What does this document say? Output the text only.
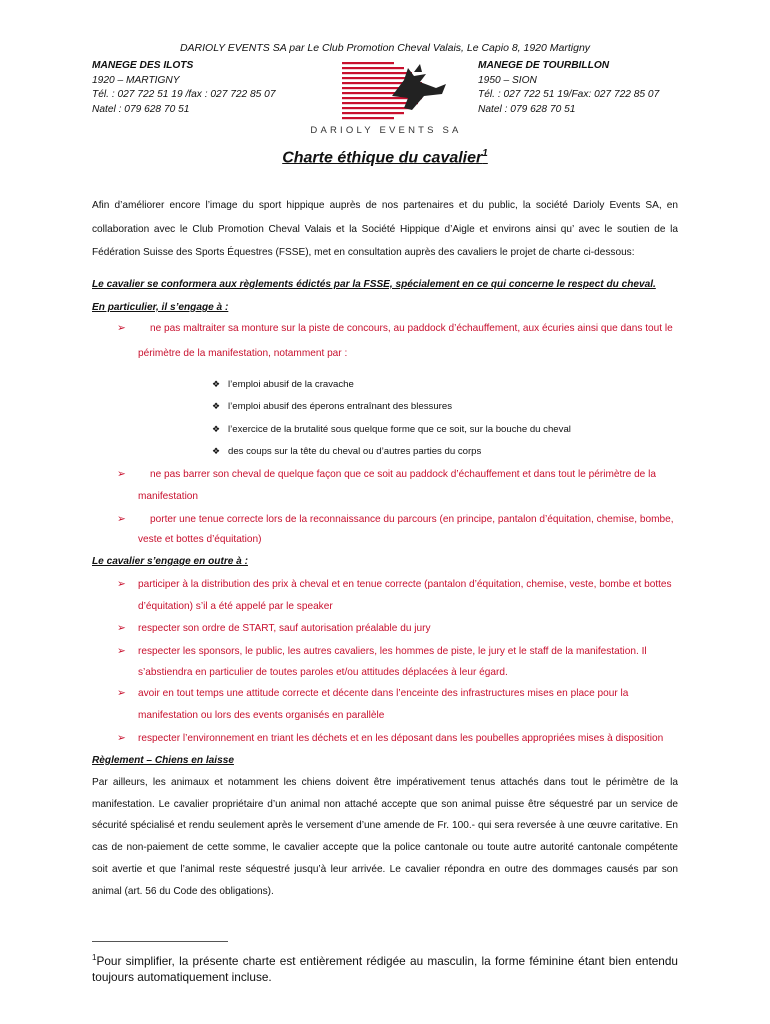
DARIOLY EVENTS SA par Le Club Promotion Cheval Valais, Le Capio 8, 1920 Martigny
MANEGE DES ILOTS
1920 – MARTIGNY
Tél. : 027 722 51 19 /fax : 027 722 85 07
Natel : 079 628 70 51
DARIOLY EVENTS SA
MANEGE DE TOURBILLON
1950 – SION
Tél. : 027 722 51 19/Fax: 027 722 85 07
Natel : 079 628 70 51
Charte éthique du cavalier$^1$
Afin d’améliorer encore l’image du sport hippique auprès de nos partenaires et du public, la société Darioly Events SA, en collaboration avec le Club Promotion Cheval Valais et la Société Hippique d’Aigle et environs ainsi qu’ avec le soutien de la Fédération Suisse des Sports Équestres (FSSE), met en consultation auprès des cavaliers le projet de charte ci-dessous:
Le cavalier se conformera aux règlements édictés par la FSSE, spécialement en ce qui concerne le respect du cheval.
En particulier, il s’engage à :
➢ ne pas maltraiter sa monture sur la piste de concours, au paddock d’échauffement, aux écuries ainsi que dans tout le
périmètre de la manifestation, notamment par :
❖ l’emploi abusif de la cravache
❖ l’emploi abusif des éperons entraînant des blessures
❖ l’exercice de la brutalité sous quelque forme que ce soit, sur la bouche du cheval
❖ des coups sur la tête du cheval ou d’autres parties du corps
➢ ne pas barrer son cheval de quelque façon que ce soit au paddock d’échauffement et dans tout le périmètre de la
manifestation
➢ porter une tenue correcte lors de la reconnaissance du parcours (en principe, pantalon d’équitation, chemise, bombe,
veste et bottes d’équitation)
Le cavalier s’engage en outre à :
➢ participer à la distribution des prix à cheval et en tenue correcte (pantalon d’équitation, chemise, veste, bombe et bottes
d’équitation) s’il a été appelé par le speaker
➢ respecter son ordre de START, sauf autorisation préalable du jury
➢ respecter les sponsors, le public, les autres cavaliers, les hommes de piste, le jury et le staff de la manifestation. Il
s’abstiendra en particulier de toutes paroles et/ou attitudes déplacées à leur égard.
➢ avoir en tout temps une attitude correcte et décente dans l’enceinte des infrastructures mises en place pour la
manifestation ou lors des events organisés en parallèle
➢ respecter l’environnement en triant les déchets et en les déposant dans les poubelles appropriées mises à disposition
Règlement – Chiens en laisse
Par ailleurs, les animaux et notamment les chiens doivent être impérativement tenus attachés dans tout le périmètre de la manifestation. Le cavalier propriétaire d’un animal non attaché accepte que son animal puisse être séquestré par un service de sécurité spécialisé et rendu seulement après le versement d’une amende de Fr. 100.- qui sera reversée à une œuvre caritative. En cas de non-paiement de cette somme, le cavalier accepte que la police cantonale ou toute autre autorité cantonale compétente soit avertie et que l’animal reste séquestré jusqu’à leur arrivée. Le cavalier répondra en outre des dommages causés par son animal (art. 56 du Code des obligations).
$^1$Pour simplifier, la présente charte est entièrement rédigée au masculin, la forme féminine étant bien entendu toujours automatiquement incluse.
